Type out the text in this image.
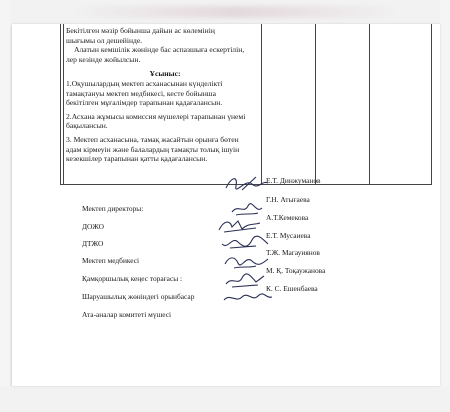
Бекітілген мәзір бойынша дайын ас көлемінің

шығымы ол дешейінде.

Алатын кемшілік жөнінде бас аспазшыға ескертілін,

лер кезінде жойылсын.

Ұсыныс:

1.Оқушылардың мектеп асханасынан күнделікті

тамақтануы мектеп медбикесі, кесте бойынша

бекітілген мұғалімдер тарапынан қадағалансын.

2.Асхана жұмысы комиссия мүшелері тарапынан үнемі

бақылансын.

3. Мектеп асханасына, тамақ жасайтын орынға бөтен

адам кірмеуін және балалардың тамақты толық ішуін

кезекшілер тарапынан қатты қадағалансын.

Мектеп директоры:
Е.Т. Динжуманов
ДОЖО
Г.Н. Атығаева
ДТЖО
А.Т.Кемекова
Мектеп медбикесі
Е.Т. Мусаиева
Қамқоршылық кеңес торағасы :
Т.Ж. Магауиянов
Шаруашылық жөніндегі орынбасар
М. Қ. Тоқаужанова
Ата-аналар комитеті мүшесі
К. С. Ешенбаева
